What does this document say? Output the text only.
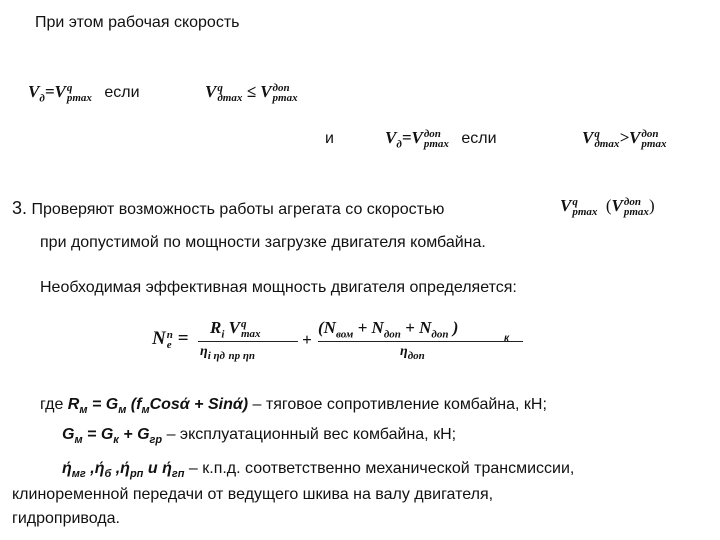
При этом рабочая скорость
$V_д=V$ q
pmax если	V q
дmax ≤ V доп
pmax
и	$V_д=V$ доп
pmax если	V q
дmax >V доп
pmax
3. Проверяют возможность работы агрегата со скоростью	V q
pmax (V доп
pmax )
при допустимой по мощности загрузке двигателя комбайна.
Необходимая эффективная мощность двигателя определяется:
N п
е =
$R_i$ V q
max
$\eta_{i \eta д}$ $_{пр \eta п}$
+
($N_{вом} + N_{доп} + N_{доп}$ )
$\eta_{доп}$
к
где $R_м = G_м$ $(f_мCosά + Sinά)$ – тяговое сопротивление комбайна, кН;
$G_м = G_к + G_{гр}$ – эксплуатационный вес комбайна, кН;
$ή_{мг}$ $,ή_б$ $,ή_{рп}$ и $ή_{гп} - к.п.д$. соответственно механической трансмиссии,
клиноременной передачи от ведущего шкива на валу двигателя,
гидропривода.
